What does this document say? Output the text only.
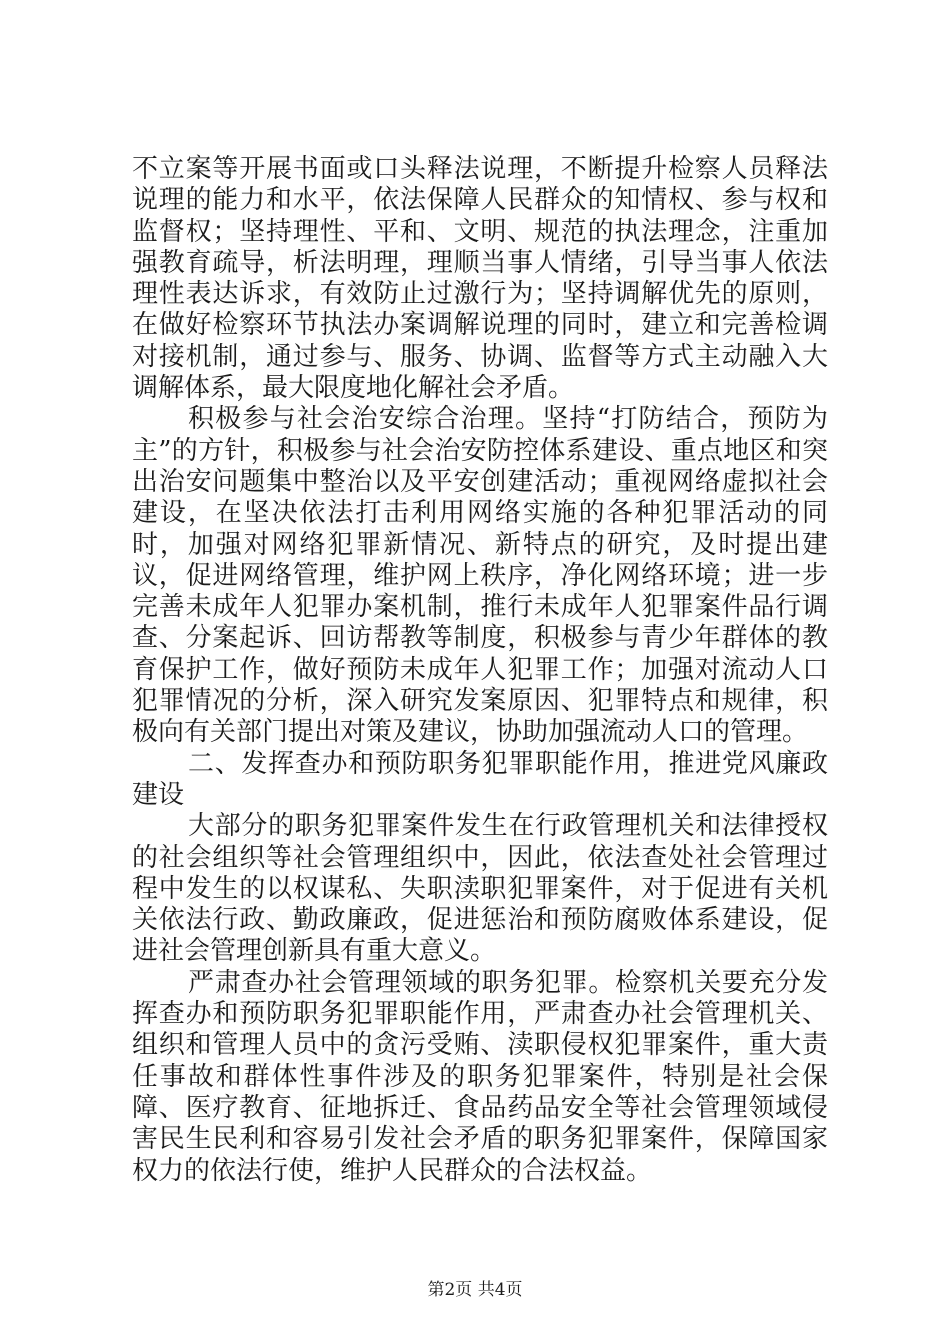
不立案等开展书面或口头释法说理，不断提升检察人员释法说理的能力和水平，依法保障人民群众的知情权、参与权和监督权；坚持理性、平和、文明、规范的执法理念，注重加强教育疏导，析法明理，理顺当事人情绪，引导当事人依法理性表达诉求，有效防止过激行为；坚持调解优先的原则，在做好检察环节执法办案调解说理的同时，建立和完善检调对接机制，通过参与、服务、协调、监督等方式主动融入大调解体系，最大限度地化解社会矛盾。

积极参与社会治安综合治理。坚持“打防结合，预防为主”的方针，积极参与社会治安防控体系建设、重点地区和突出治安问题集中整治以及平安创建活动；重视网络虚拟社会建设，在坚决依法打击利用网络实施的各种犯罪活动的同时，加强对网络犯罪新情况、新特点的研究，及时提出建议，促进网络管理，维护网上秩序，净化网络环境；进一步完善未成年人犯罪办案机制，推行未成年人犯罪案件品行调查、分案起诉、回访帮教等制度，积极参与青少年群体的教育保护工作，做好预防未成年人犯罪工作；加强对流动人口犯罪情况的分析，深入研究发案原因、犯罪特点和规律，积极向有关部门提出对策及建议，协助加强流动人口的管理。

二、发挥查办和预防职务犯罪职能作用，推进党风廉政建设

大部分的职务犯罪案件发生在行政管理机关和法律授权的社会组织等社会管理组织中，因此，依法查处社会管理过程中发生的以权谋私、失职渎职犯罪案件，对于促进有关机关依法行政、勤政廉政，促进惩治和预防腐败体系建设，促进社会管理创新具有重大意义。

严肃查办社会管理领域的职务犯罪。检察机关要充分发挥查办和预防职务犯罪职能作用，严肃查办社会管理机关、组织和管理人员中的贪污受贿、渎职侵权犯罪案件，重大责任事故和群体性事件涉及的职务犯罪案件，特别是社会保障、医疗教育、征地拆迁、食品药品安全等社会管理领域侵害民生民利和容易引发社会矛盾的职务犯罪案件，保障国家权力的依法行使，维护人民群众的合法权益。

第2页 共4页
